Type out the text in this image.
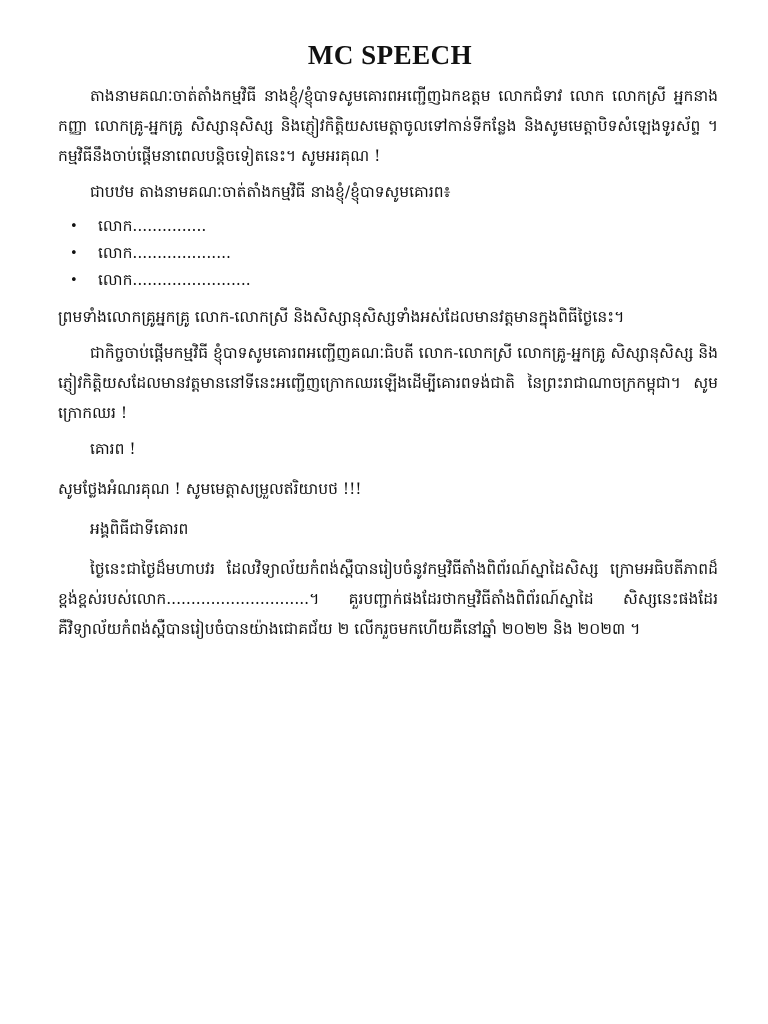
MC SPEECH

តាងនាមគណៈចាត់តាំងកម្មវិធី នាងខ្ញុំ/ខ្ញុំបាទសូមគោរពអញ្ជើញឯកឧត្តម លោកជំទាវ លោក លោកស្រី អ្នកនាងកញ្ញា លោកគ្រូ-អ្នកគ្រូ សិស្សានុសិស្ស និងភ្ញៀវកិត្តិយសមេត្តាចូលទៅកាន់ទីកន្លែង និងសូមមេត្តាបិទសំឡេងទូរស័ព្ទ ។ កម្មវិធីនឹងចាប់ផ្ដើមនាពេលបន្តិចទៀតនេះ។ សូមអរគុណ !

ជាបឋម តាងនាមគណៈចាត់តាំងកម្មវិធី នាងខ្ញុំ/ខ្ញុំបាទសូមគោរព៖

• លោក...............
• លោក....................
• លោក........................

ព្រមទាំងលោកគ្រូអ្នកគ្រូ លោក-លោកស្រី និងសិស្សានុសិស្សទាំងអស់ដែលមានវត្តមានក្នុងពិធីថ្ងៃនេះ។

ជាកិច្ចចាប់ផ្ដើមកម្មវិធី ខ្ញុំបាទសូមគោរពអញ្ជើញគណៈធិបតី លោក-លោកស្រី លោកគ្រូ-អ្នកគ្រូ សិស្សានុសិស្ស និងភ្ញៀវកិត្តិយសដែលមានវត្តមាននៅទីនេះអញ្ជើញក្រោកឈរឡើងដើម្បីគោរពទង់ជាតិ នៃព្រះរាជាណាចក្រកម្ពុជា។ សូមក្រោកឈរ !

គោរព !

សូមថ្លែងអំណរគុណ ! សូមមេត្តាសម្រួលឥរិយាបថ !!!

អង្គពិធីជាទីគោរព

ថ្ងៃនេះជាថ្ងៃដ៏មហាបវរ ដែលវិទ្យាល័យកំពង់ស្ពឺបានរៀបចំនូវកម្មវិធីតាំងពិព័រណ៍ស្នាដៃសិស្ស ក្រោមអធិបតីភាពដ៏ខ្ពង់ខ្ពស់របស់លោក.............................។ គួរបញ្ជាក់ផងដែរថាកម្មវិធីតាំងពិព័រណ៍ស្នាដៃ សិស្សនេះផងដែរ គឺវិទ្យាល័យកំពង់ស្ពឺបានរៀបចំបានយ៉ាងជោគជ័យ ២ លើករួចមកហើយគឺនៅឆ្នាំ ២០២២ និង ២០២៣ ។
